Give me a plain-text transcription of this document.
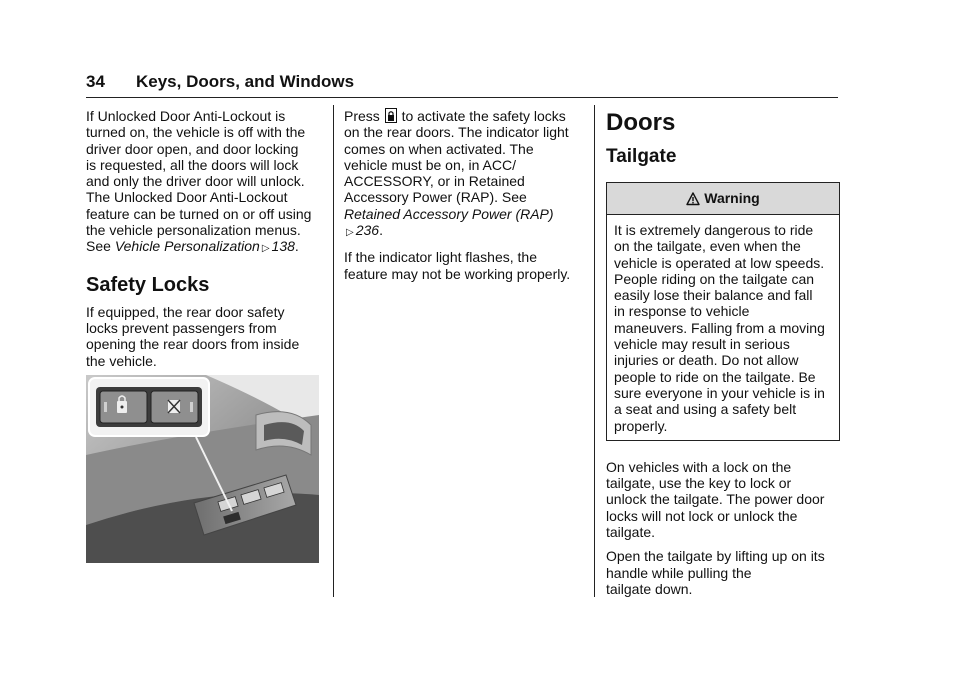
34 Keys, Doors, and Windows

If Unlocked Door Anti-Lockout is
turned on, the vehicle is off with the
driver door open, and door locking
is requested, all the doors will lock
and only the driver door will unlock.
The Unlocked Door Anti-Lockout
feature can be turned on or off using
the vehicle personalization menus.
See Vehicle Personalization ▷ 138.

Safety Locks

If equipped, the rear door safety
locks prevent passengers from
opening the rear doors from inside
the vehicle.

Press to activate the safety locks
on the rear doors. The indicator light
comes on when activated. The
vehicle must be on, in ACC/
ACCESSORY, or in Retained
Accessory Power (RAP). See
Retained Accessory Power (RAP)
▷ 236.

If the indicator light flashes, the
feature may not be working properly.

Doors
Tailgate
Warning
It is extremely dangerous to ride
on the tailgate, even when the
vehicle is operated at low speeds.
People riding on the tailgate can
easily lose their balance and fall
in response to vehicle
maneuvers. Falling from a moving
vehicle may result in serious
injuries or death. Do not allow
people to ride on the tailgate. Be
sure everyone in your vehicle is in
a seat and using a safety belt
properly.

On vehicles with a lock on the
tailgate, use the key to lock or
unlock the tailgate. The power door
locks will not lock or unlock the
tailgate.

Open the tailgate by lifting up on its
handle while pulling the
tailgate down.
